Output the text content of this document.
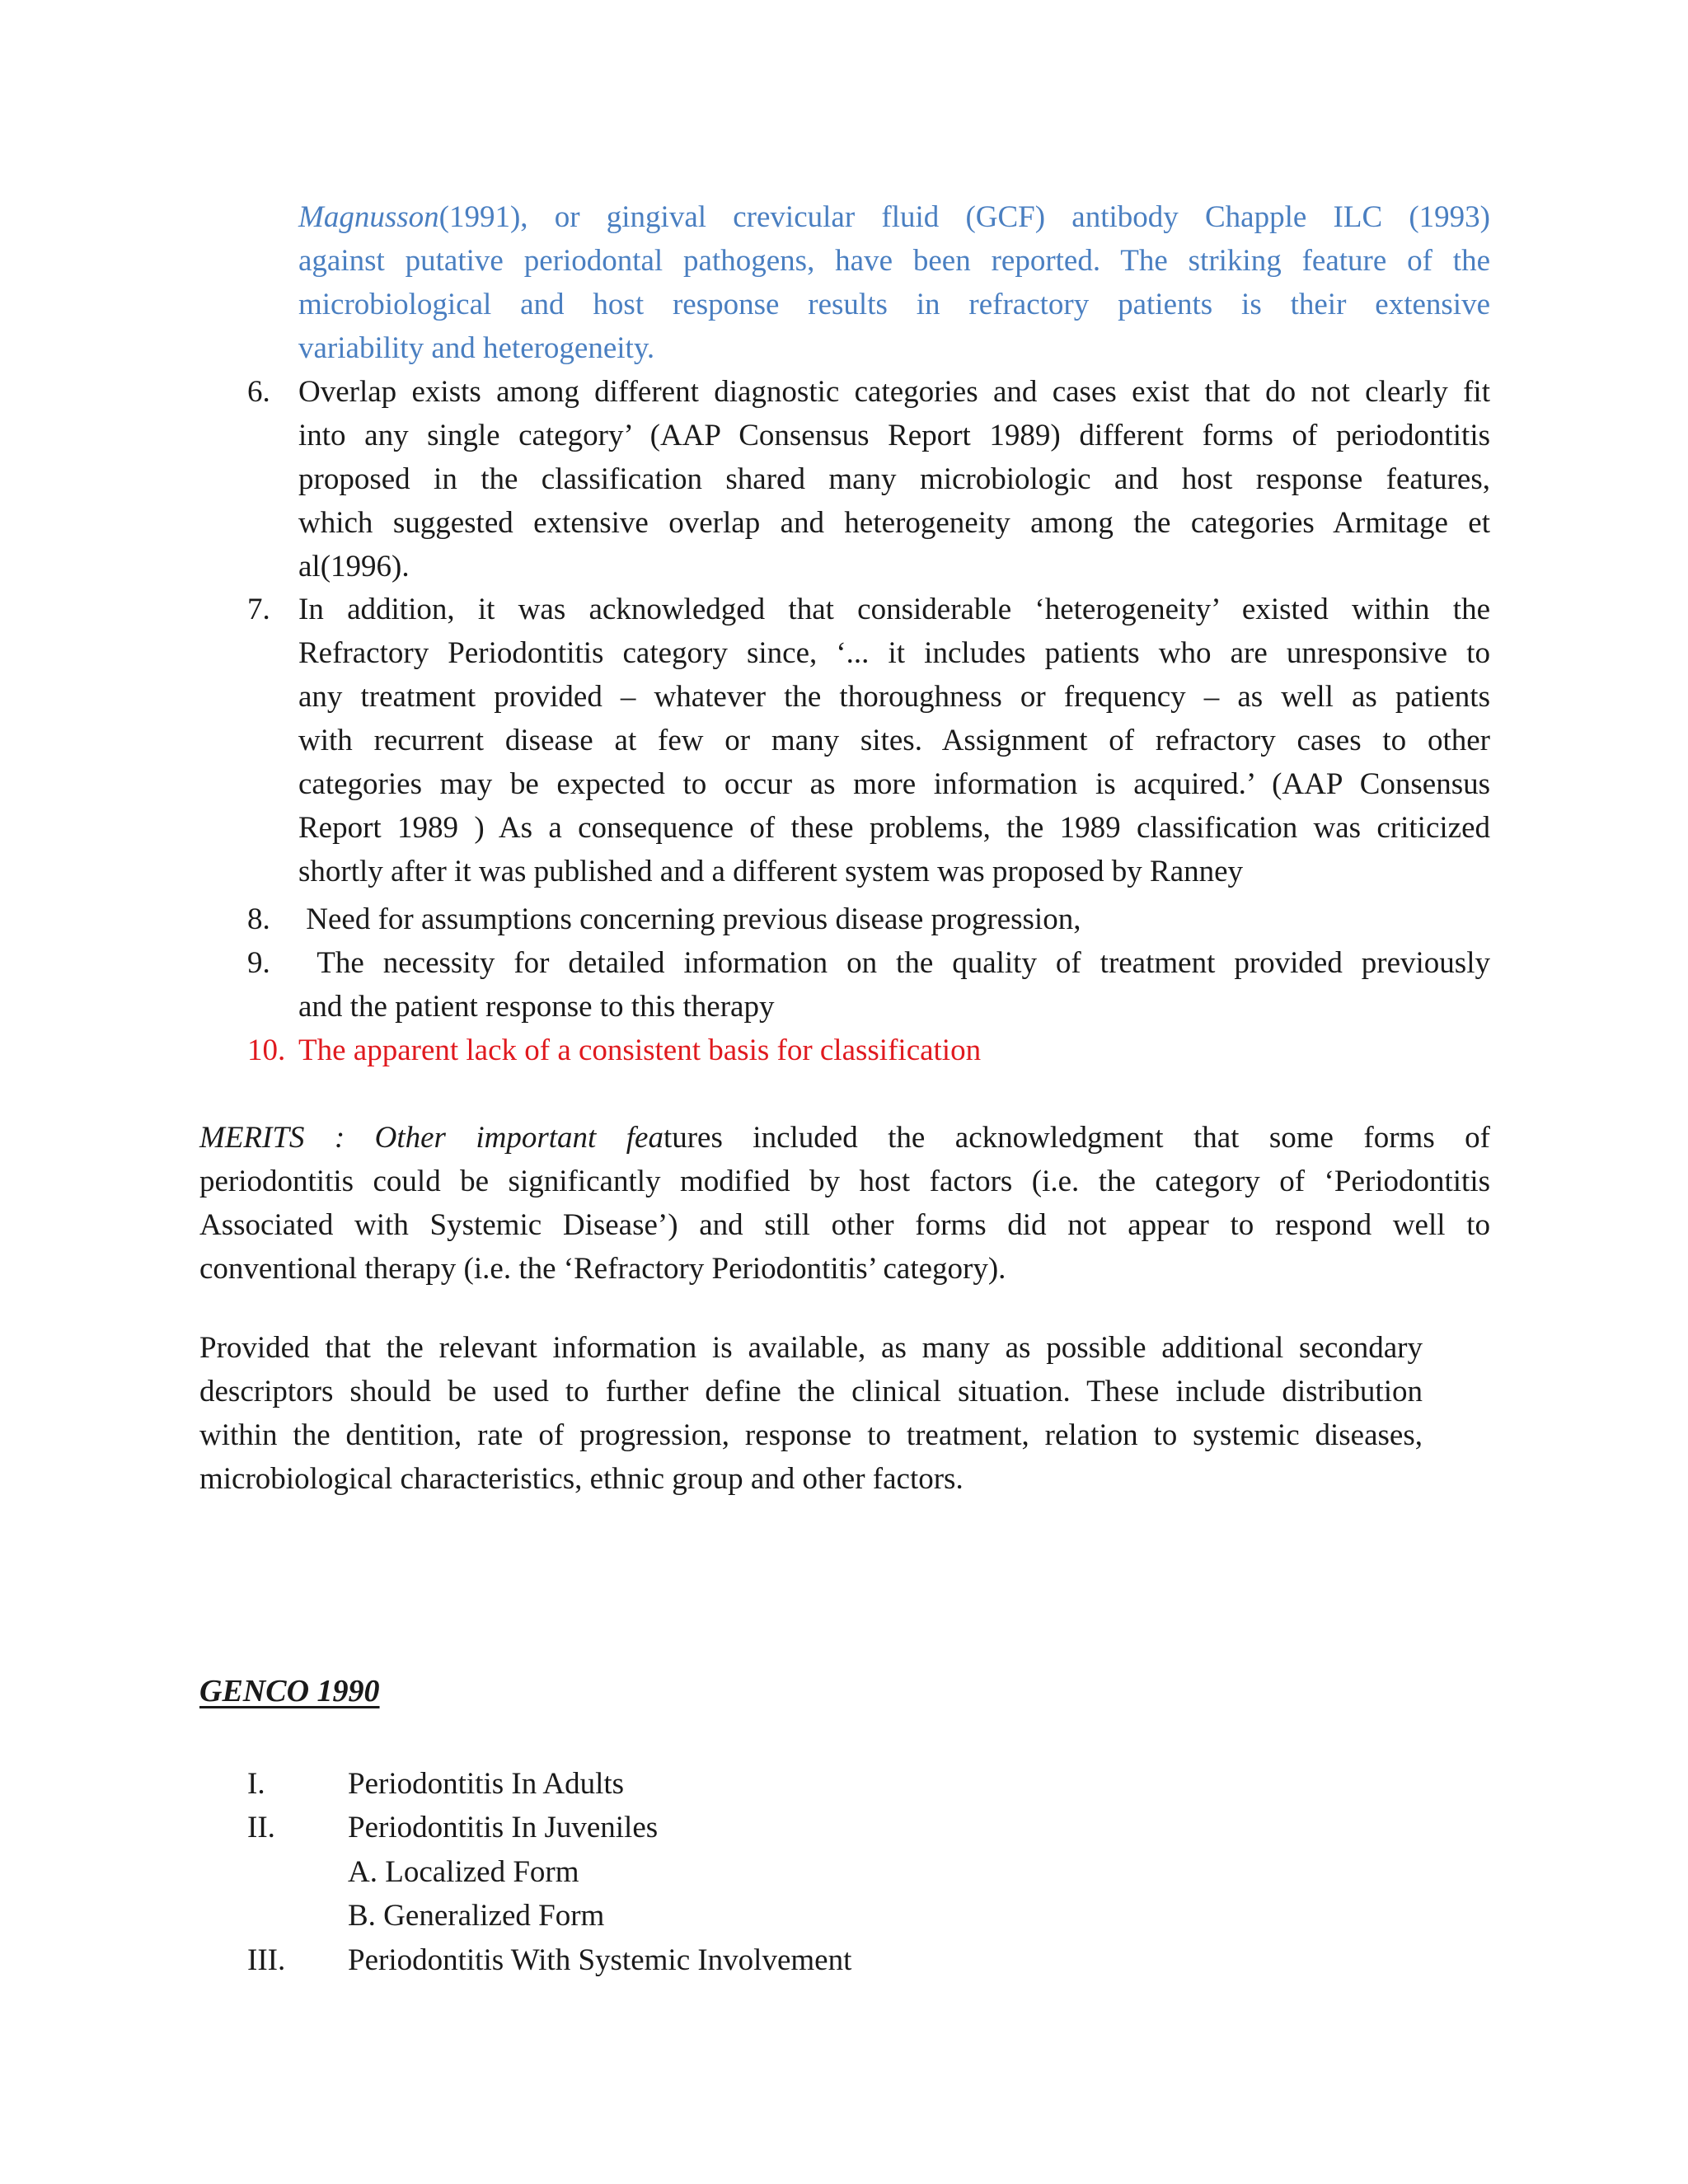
Magnusson(1991), or gingival crevicular fluid (GCF) antibody Chapple ILC (1993)
against putative periodontal pathogens, have been reported. The striking feature of the
microbiological and host response results in refractory patients is their extensive
variability and heterogeneity.
6. Overlap exists among different diagnostic categories and cases exist that do not clearly fit
into any single category’ (AAP Consensus Report 1989) different forms of periodontitis
proposed in the classification shared many microbiologic and host response features,
which suggested extensive overlap and heterogeneity among the categories Armitage et
al(1996).
7. In addition, it was acknowledged that considerable ‘heterogeneity’ existed within the
Refractory Periodontitis category since, ‘... it includes patients who are unresponsive to
any treatment provided – whatever the thoroughness or frequency – as well as patients
with recurrent disease at few or many sites. Assignment of refractory cases to other
categories may be expected to occur as more information is acquired.’ (AAP Consensus
Report 1989 ) As a consequence of these problems, the 1989 classification was criticized
shortly after it was published and a different system was proposed by Ranney
8. Need for assumptions concerning previous disease progression,
9. The necessity for detailed information on the quality of treatment provided previously
and the patient response to this therapy
10. The apparent lack of a consistent basis for classification
MERITS : Other important features included the acknowledgment that some forms of
periodontitis could be significantly modified by host factors (i.e. the category of ‘Periodontitis
Associated with Systemic Disease’) and still other forms did not appear to respond well to
conventional therapy (i.e. the ‘Refractory Periodontitis’ category).
Provided that the relevant information is available, as many as possible additional secondary
descriptors should be used to further define the clinical situation. These include distribution
within the dentition, rate of progression, response to treatment, relation to systemic diseases,
microbiological characteristics, ethnic group and other factors.
GENCO 1990
I.	Periodontitis In Adults
II. Periodontitis In Juveniles
A. Localized Form
B. Generalized Form
III. Periodontitis With Systemic Involvement
